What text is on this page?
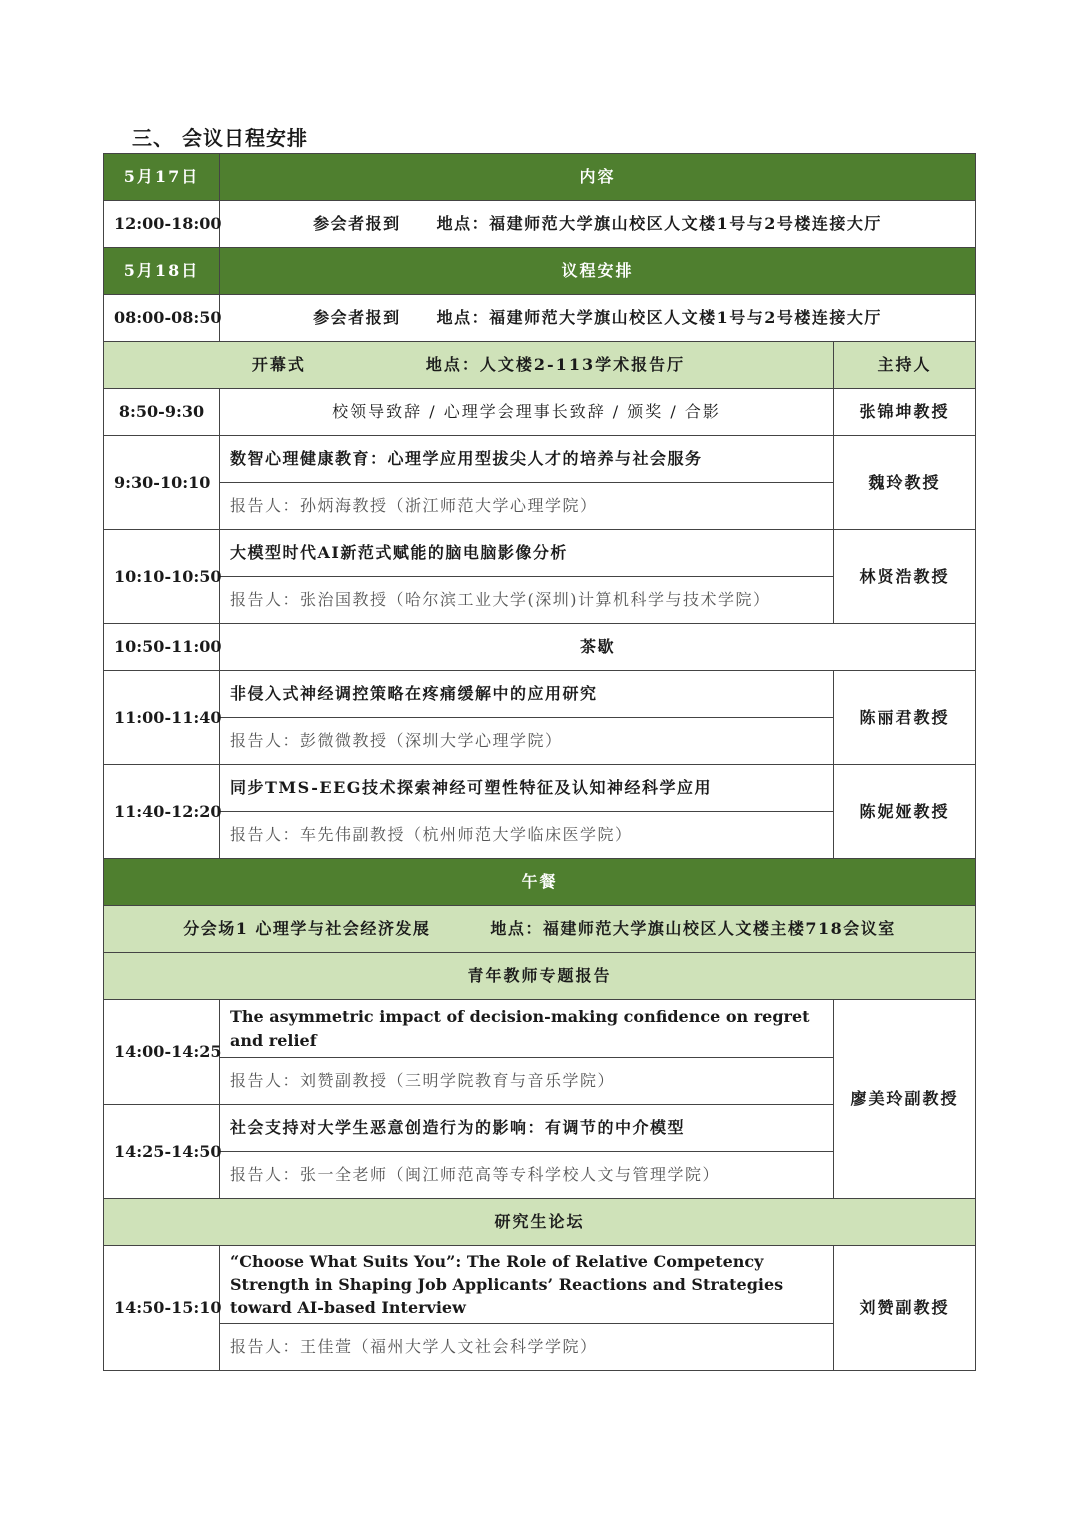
三、 会议日程安排
5月17日	内容	
12:00-18:00	参会者报到 地点：福建师范大学旗山校区人文楼1号与2号楼连接大厅	
5月18日	议程安排	
08:00-08:50	参会者报到 地点：福建师范大学旗山校区人文楼1号与2号楼连接大厅	
开幕式 地点：人文楼2-113学术报告厅		主持人
8:50-9:30	校领导致辞 / 心理学会理事长致辞 / 颁奖 / 合影	张锦坤教授
9:30-10:10	数智心理健康教育：心理学应用型拔尖人才的培养与社会服务	魏玲教授
	报告人：孙炳海教授（浙江师范大学心理学院）	
10:10-10:50	大模型时代AI新范式赋能的脑电脑影像分析	林贤浩教授
	报告人：张治国教授（哈尔滨工业大学(深圳)计算机科学与技术学院）	
10:50-11:00	茶歇	
11:00-11:40	非侵入式神经调控策略在疼痛缓解中的应用研究	陈丽君教授
	报告人：彭微微教授（深圳大学心理学院）	
11:40-12:20	同步TMS-EEG技术探索神经可塑性特征及认知神经科学应用	陈妮娅教授
	报告人：车先伟副教授（杭州师范大学临床医学院）	
午餐		
分会场1 心理学与社会经济发展 地点：福建师范大学旗山校区人文楼主楼718会议室		
青年教师专题报告		
14:00-14:25	The asymmetric impact of decision-making confidence on regret and relief	廖美玲副教授
	报告人：刘赞副教授（三明学院教育与音乐学院）	
14:25-14:50	社会支持对大学生恶意创造行为的影响：有调节的中介模型	
	报告人：张一全老师（闽江师范高等专科学校人文与管理学院）	
研究生论坛		
14:50-15:10	“Choose What Suits You”: The Role of Relative Competency Strength in Shaping Job Applicants’ Reactions and Strategies toward AI-based Interview	刘赞副教授
	报告人：王佳萱（福州大学人文社会科学学院）	
